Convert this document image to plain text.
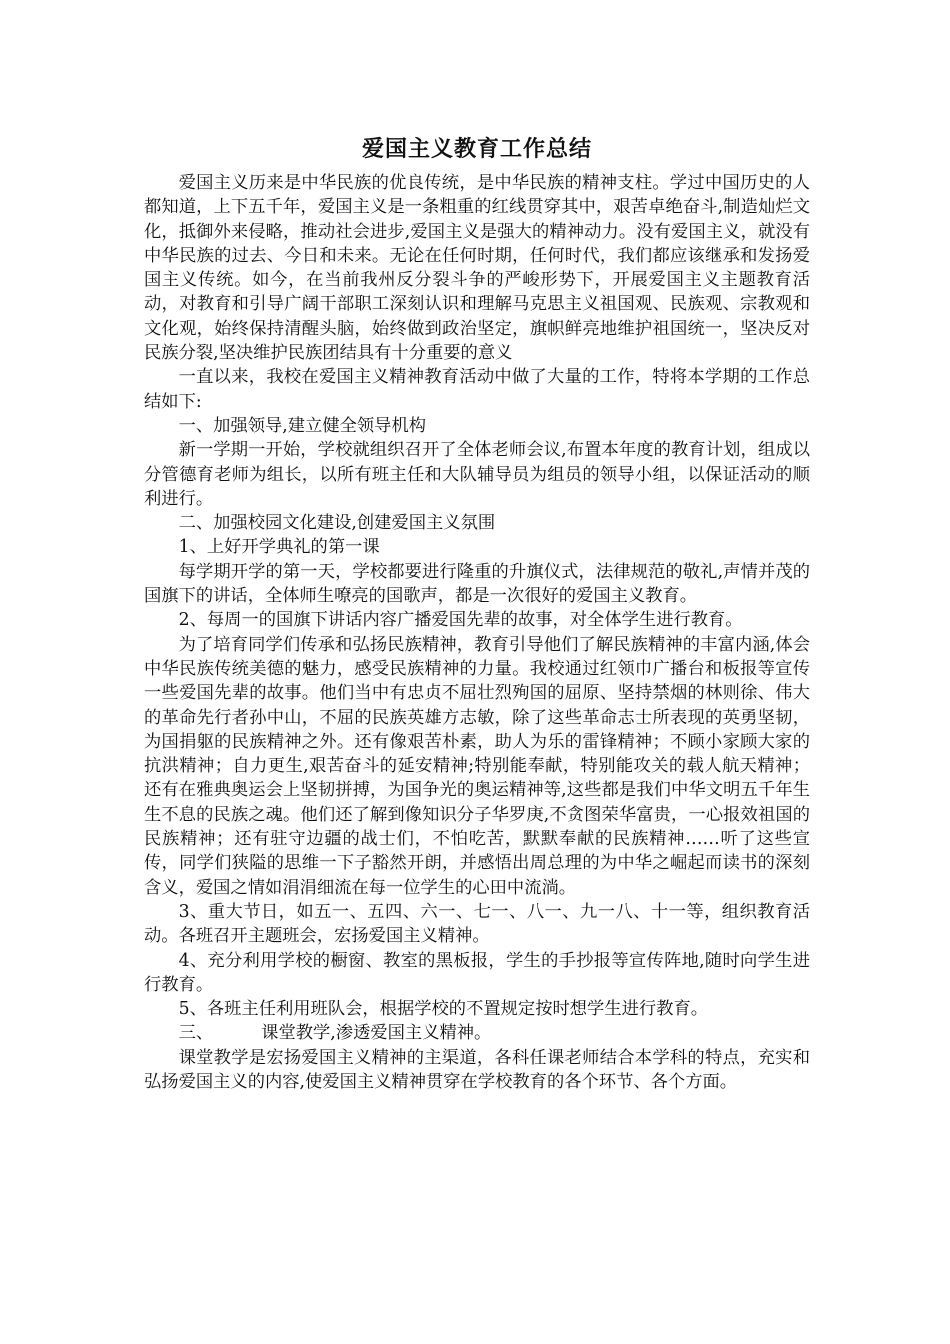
爱国主义教育工作总结

爱国主义历来是中华民族的优良传统，是中华民族的精神支柱。学过中国历史的人都知道，上下五千年，爱国主义是一条粗重的红线贯穿其中，艰苦卓绝奋斗,制造灿烂文化，抵御外来侵略，推动社会进步,爱国主义是强大的精神动力。没有爱国主义，就没有中华民族的过去、今日和未来。无论在任何时期，任何时代，我们都应该继承和发扬爱国主义传统。如今，在当前我州反分裂斗争的严峻形势下，开展爱国主义主题教育活动，对教育和引导广阔干部职工深刻认识和理解马克思主义祖国观、民族观、宗教观和文化观，始终保持清醒头脑，始终做到政治坚定，旗帜鲜亮地维护祖国统一，坚决反对民族分裂,坚决维护民族团结具有十分重要的意义

一直以来，我校在爱国主义精神教育活动中做了大量的工作，特将本学期的工作总结如下:

一、加强领导,建立健全领导机构

新一学期一开始，学校就组织召开了全体老师会议,布置本年度的教育计划，组成以分管德育老师为组长，以所有班主任和大队辅导员为组员的领导小组，以保证活动的顺利进行。

二、加强校园文化建设,创建爱国主义氛围

1、上好开学典礼的第一课

每学期开学的第一天，学校都要进行隆重的升旗仪式，法律规范的敬礼,声情并茂的国旗下的讲话，全体师生嘹亮的国歌声，都是一次很好的爱国主义教育。

2、每周一的国旗下讲话内容广播爱国先辈的故事，对全体学生进行教育。

为了培育同学们传承和弘扬民族精神，教育引导他们了解民族精神的丰富内涵,体会中华民族传统美德的魅力，感受民族精神的力量。我校通过红领巾广播台和板报等宣传一些爱国先辈的故事。他们当中有忠贞不屈壮烈殉国的屈原、坚持禁烟的林则徐、伟大的革命先行者孙中山，不屈的民族英雄方志敏，除了这些革命志士所表现的英勇坚韧，为国捐躯的民族精神之外。还有像艰苦朴素，助人为乐的雷锋精神；不顾小家顾大家的抗洪精神；自力更生,艰苦奋斗的延安精神;特别能奉献，特别能攻关的载人航天精神；还有在雅典奥运会上坚韧拼搏，为国争光的奥运精神等,这些都是我们中华文明五千年生生不息的民族之魂。他们还了解到像知识分子华罗庚,不贪图荣华富贵，一心报效祖国的民族精神；还有驻守边疆的战士们，不怕吃苦，默默奉献的民族精神……听了这些宣传，同学们狭隘的思维一下子豁然开朗，并感悟出周总理的为中华之崛起而读书的深刻含义，爱国之情如涓涓细流在每一位学生的心田中流淌。

3、重大节日，如五一、五四、六一、七一、八一、九一八、十一等，组织教育活动。各班召开主题班会，宏扬爱国主义精神。

4、充分利用学校的橱窗、教室的黑板报，学生的手抄报等宣传阵地,随时向学生进行教育。

5、各班主任利用班队会，根据学校的不置规定按时想学生进行教育。

三、	课堂教学,渗透爱国主义精神。

课堂教学是宏扬爱国主义精神的主渠道，各科任课老师结合本学科的特点，充实和弘扬爱国主义的内容,使爱国主义精神贯穿在学校教育的各个环节、各个方面。
